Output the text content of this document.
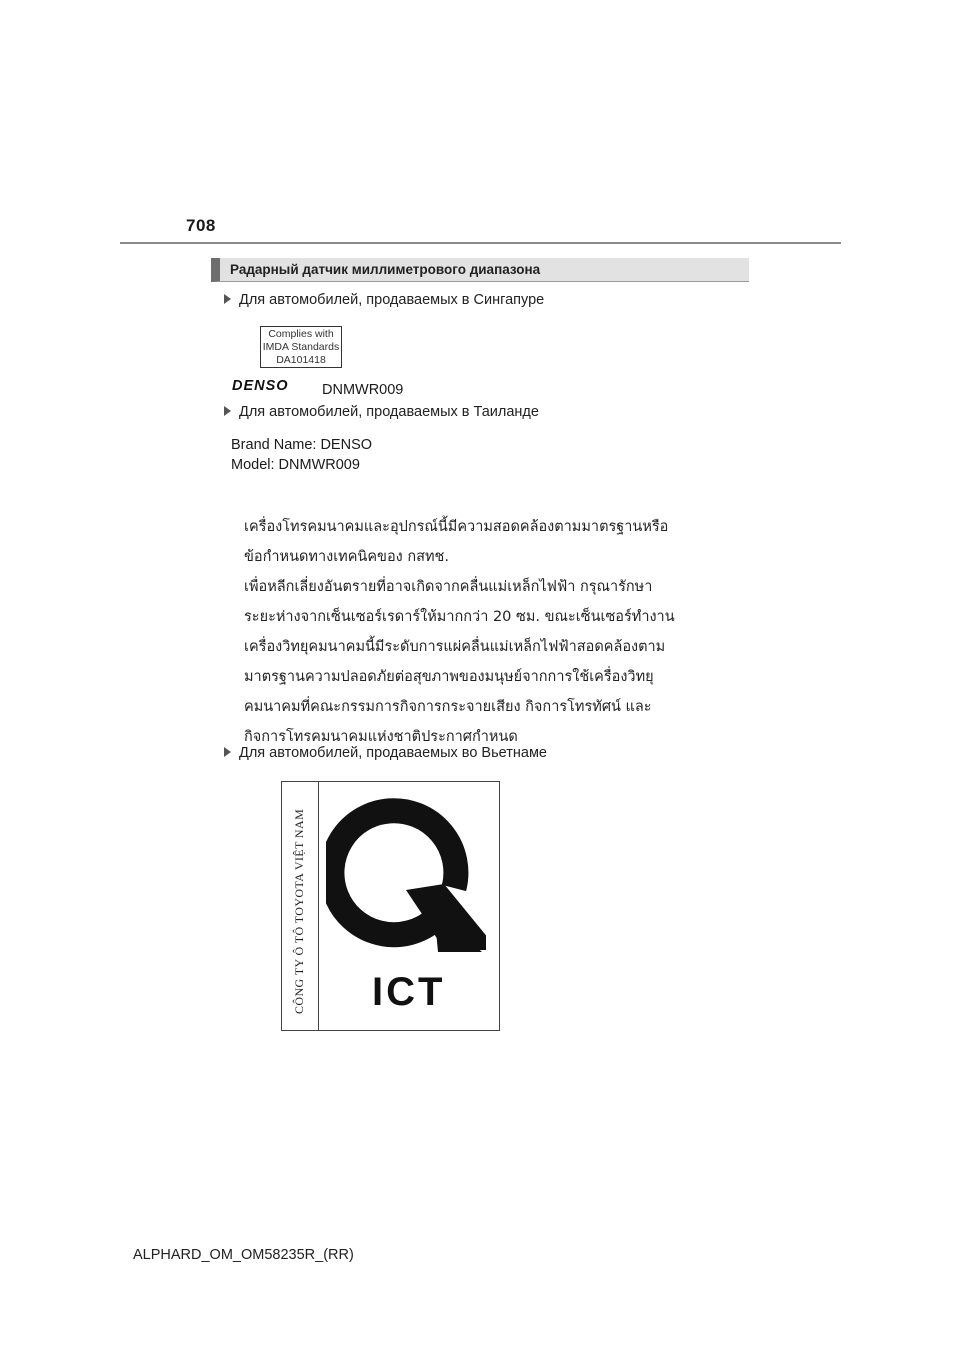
708
Радарный датчик миллиметрового диапазона
Для автомобилей, продаваемых в Сингапуре
Complies with
IMDA Standards
DA101418
DENSO DNMWR009
Для автомобилей, продаваемых в Таиланде
Brand Name: DENSO
Model: DNMWR009
เครื่องโทรคมนาคมและอุปกรณ์นี้มีความสอดคล้องตามมาตรฐานหรือ
ข้อกำหนดทางเทคนิคของ กสทช.
เพื่อหลีกเลี่ยงอันตรายที่อาจเกิดจากคลื่นแม่เหล็กไฟฟ้า กรุณารักษา
ระยะห่างจากเซ็นเซอร์เรดาร์ให้มากกว่า 20 ซม. ขณะเซ็นเซอร์ทำงาน
เครื่องวิทยุคมนาคมนี้มีระดับการแผ่คลื่นแม่เหล็กไฟฟ้าสอดคล้องตาม
มาตรฐานความปลอดภัยต่อสุขภาพของมนุษย์จากการใช้เครื่องวิทยุ
คมนาคมที่คณะกรรมการกิจการกระจายเสียง กิจการโทรทัศน์ และ
กิจการโทรคมนาคมแห่งชาติประกาศกำหนด
Для автомобилей, продаваемых во Вьетнаме
CÔNG TY Ô TÔ TOYOTA VIỆT NAM ICT
ALPHARD_OM_OM58235R_(RR)
